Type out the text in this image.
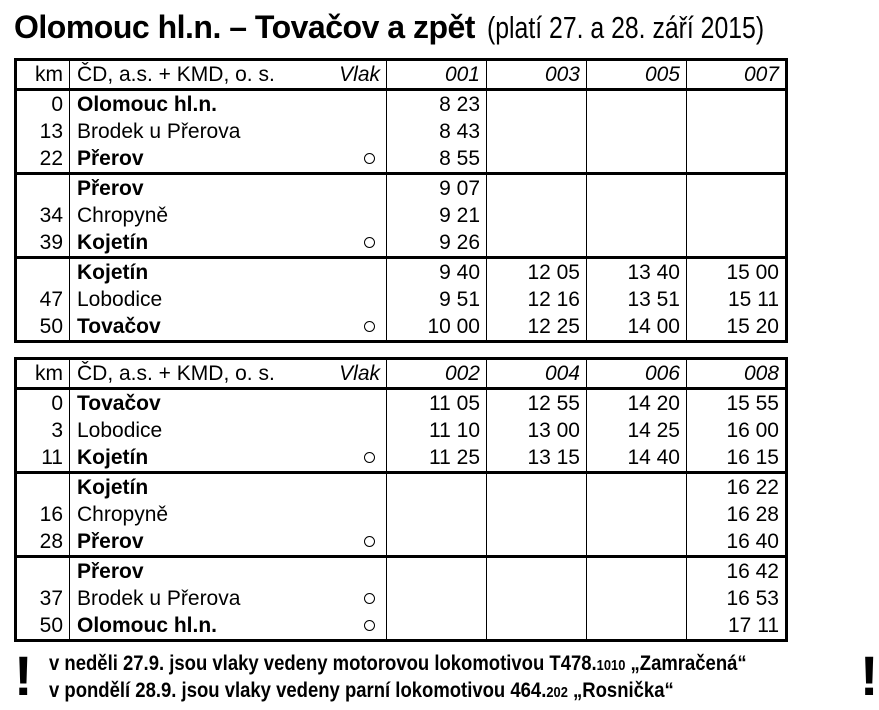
Olomouc hl.n. – Tovačov a zpět (platí 27. a 28. září 2015)
km	ČD, a.s. + KMD, o. s. Vlak	001	003	005	007
0	Olomouc hl.n.	8 23			
13	Brodek u Přerova	8 43			
22	Přerov	8 55			
	Přerov	9 07			
34	Chropyně	9 21			
39	Kojetín	9 26			
	Kojetín	9 40	12 05	13 40	15 00
47	Lobodice	9 51	12 16	13 51	15 11
50	Tovačov	10 00	12 25	14 00	15 20
km	ČD, a.s. + KMD, o. s. Vlak	002	004	006	008
0	Tovačov	11 05	12 55	14 20	15 55
3	Lobodice	11 10	13 00	14 25	16 00
11	Kojetín	11 25	13 15	14 40	16 15
	Kojetín				16 22
16	Chropyně				16 28
28	Přerov				16 40
	Přerov				16 42
37	Brodek u Přerova				16 53
50	Olomouc hl.n.				17 11
! v neděli 27.9. jsou vlaky vedeny motorovou lokomotivou T478.1010 „Zamračená“
v pondělí 28.9. jsou vlaky vedeny parní lokomotivou 464.202 „Rosnička“	!
